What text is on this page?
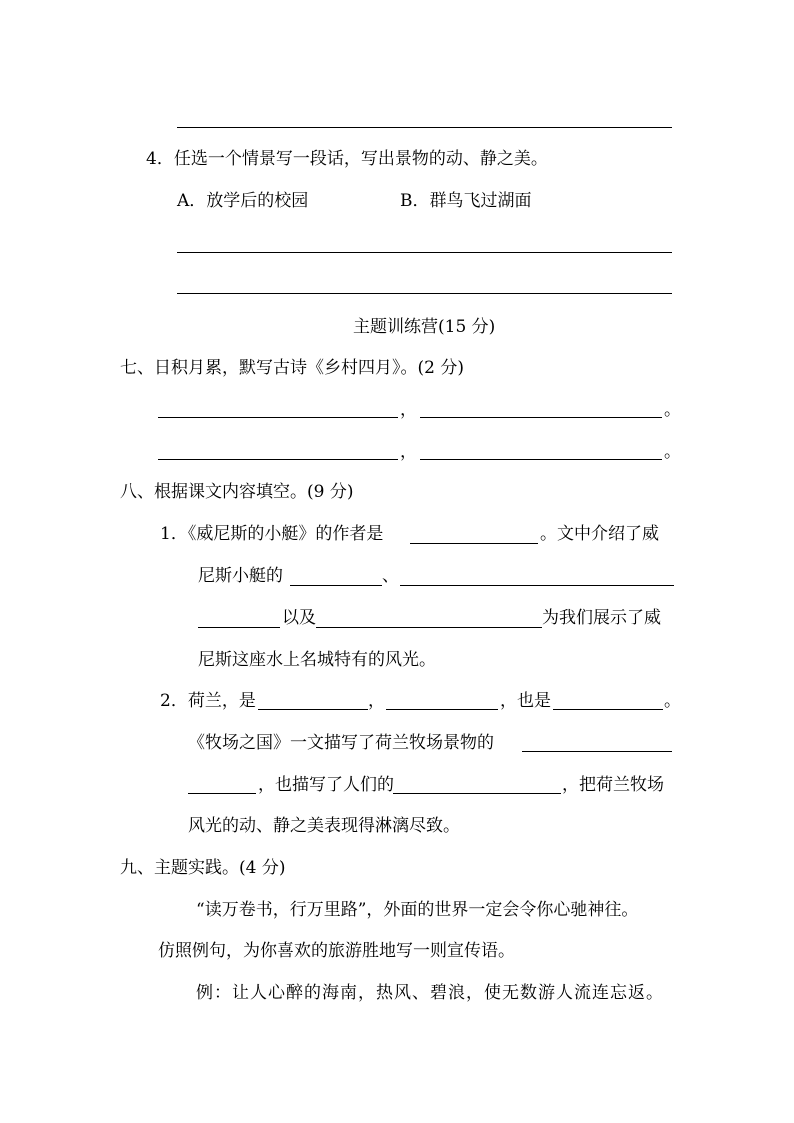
4．任选一个情景写一段话，写出景物的动、静之美。
A．放学后的校园	B．群鸟飞过湖面
主题训练营(15 分)
七、日积月累，默写古诗《乡村四月》。(2 分)
，	。
，	。
八、根据课文内容填空。(9 分)
1．《威尼斯的小艇》的作者是	。文中介绍了威
尼斯小艇的	、
以及	为我们展示了威
尼斯这座水上名城特有的风光。
2．荷兰，是	，	，也是	。
《牧场之国》一文描写了荷兰牧场景物的
，也描写了人们的	，把荷兰牧场
风光的动、静之美表现得淋漓尽致。
九、主题实践。(4 分)
“读万卷书，行万里路”，外面的世界一定会令你心驰神往。
仿照例句，为你喜欢的旅游胜地写一则宣传语。
例：让人心醉的海南，热风、碧浪，使无数游人流连忘返。
